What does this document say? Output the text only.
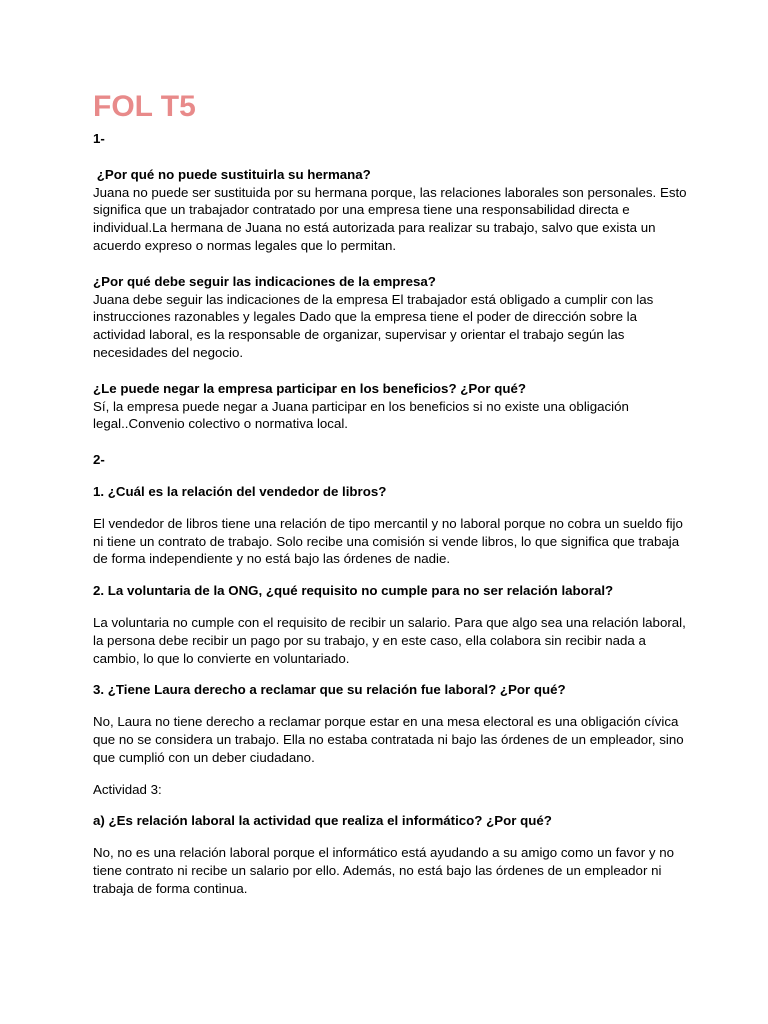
FOL T5

1-

¿Por qué no puede sustituirla su hermana?

Juana no puede ser sustituida por su hermana porque, las relaciones laborales son personales. Esto significa que un trabajador contratado por una empresa tiene una responsabilidad directa e individual.La hermana de Juana no está autorizada para realizar su trabajo, salvo que exista un acuerdo expreso o normas legales que lo permitan.

¿Por qué debe seguir las indicaciones de la empresa?

Juana debe seguir las indicaciones de la empresa El trabajador está obligado a cumplir con las instrucciones razonables y legales Dado que la empresa tiene el poder de dirección sobre la actividad laboral, es la responsable de organizar, supervisar y orientar el trabajo según las necesidades del negocio.

¿Le puede negar la empresa participar en los beneficios? ¿Por qué?

Sí, la empresa puede negar a Juana participar en los beneficios si no existe una obligación legal..Convenio colectivo o normativa local.

2-

1. ¿Cuál es la relación del vendedor de libros?

El vendedor de libros tiene una relación de tipo mercantil y no laboral porque no cobra un sueldo fijo ni tiene un contrato de trabajo. Solo recibe una comisión si vende libros, lo que significa que trabaja de forma independiente y no está bajo las órdenes de nadie.

2. La voluntaria de la ONG, ¿qué requisito no cumple para no ser relación laboral?

La voluntaria no cumple con el requisito de recibir un salario. Para que algo sea una relación laboral, la persona debe recibir un pago por su trabajo, y en este caso, ella colabora sin recibir nada a cambio, lo que lo convierte en voluntariado.

3. ¿Tiene Laura derecho a reclamar que su relación fue laboral? ¿Por qué?

No, Laura no tiene derecho a reclamar porque estar en una mesa electoral es una obligación cívica que no se considera un trabajo. Ella no estaba contratada ni bajo las órdenes de un empleador, sino que cumplió con un deber ciudadano.

Actividad 3:

a) ¿Es relación laboral la actividad que realiza el informático? ¿Por qué?

No, no es una relación laboral porque el informático está ayudando a su amigo como un favor y no tiene contrato ni recibe un salario por ello. Además, no está bajo las órdenes de un empleador ni trabaja de forma continua.
